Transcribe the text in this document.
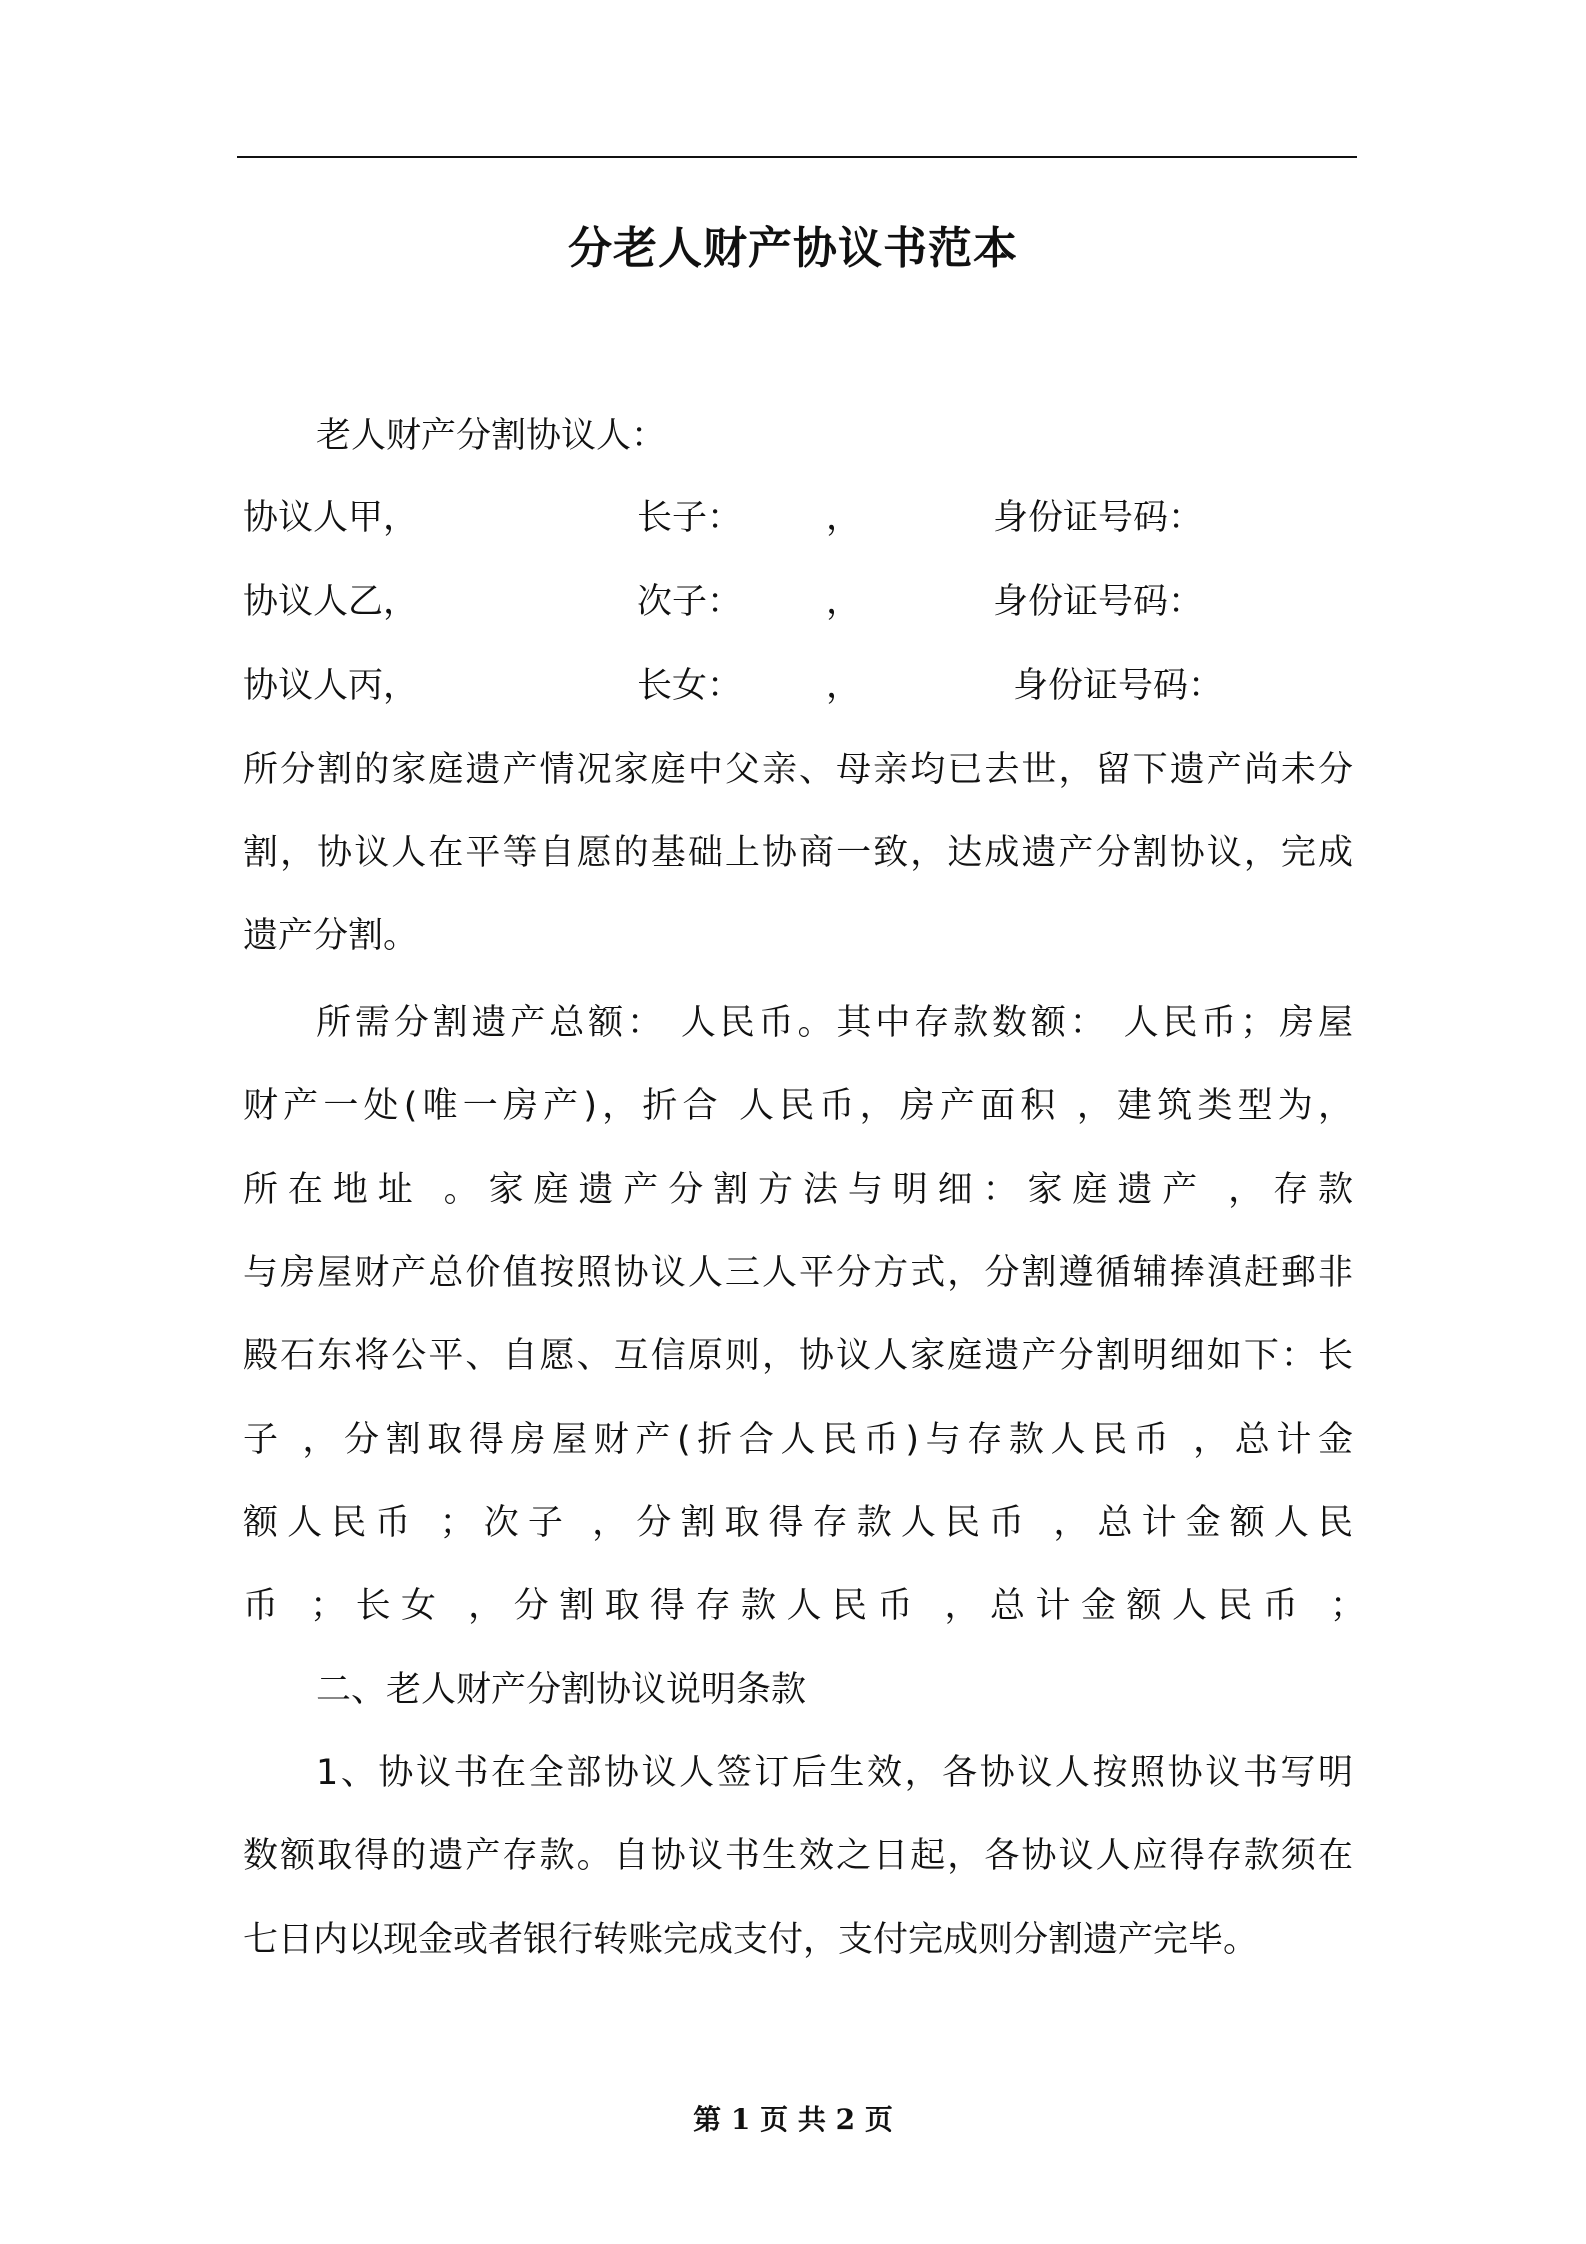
分老人财产协议书范本
老人财产分割协议人：
协议人甲，	长子： ，	身份证号码：
协议人乙，	次子： ，	身份证号码：
协议人丙，	长女： ，	身份证号码：
所分割的家庭遗产情况家庭中父亲、母亲均已去世，留下遗产尚未分
割，协议人在平等自愿的基础上协商一致，达成遗产分割协议，完成
遗产分割。
所需分割遗产总额： 人民币。其中存款数额： 人民币；房屋
财产一处(唯一房产)，折合 人民币，房产面积 ，建筑类型为，
所在地址 。家庭遗产分割方法与明细：家庭遗产 ，存款
与房屋财产总价值按照协议人三人平分方式，分割遵循辅捧滇赶郵非
殿石东将公平、自愿、互信原则，协议人家庭遗产分割明细如下：长
子 ，分割取得房屋财产(折合人民币)与存款人民币 ，总计金
额人民币 ；次子 ，分割取得存款人民币 ，总计金额人民
币 ；长女 ，分割取得存款人民币 ，总计金额人民币 ；
二、老人财产分割协议说明条款
1、协议书在全部协议人签订后生效，各协议人按照协议书写明
数额取得的遗产存款。自协议书生效之日起，各协议人应得存款须在
七日内以现金或者银行转账完成支付，支付完成则分割遗产完毕。
第 1 页 共 2 页
